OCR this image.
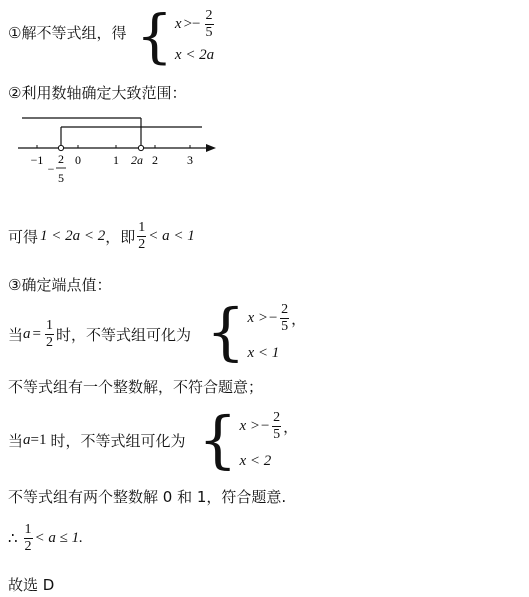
①解不等式组，得 { $x >- \frac{2}{5}$
x < 2a
②利用数轴确定大致范围：
−1	0	1	2 3
2a
−
2
5
可得 1 < 2a < 2 ，即 $\frac{1}{2} < a < 1$
③确定端点值：
当 $a = \frac{1}{2}$ 时，不等式组可化为 { $x >- \frac{2}{5}$ ，
x < 1
不等式组有一个整数解，不符合题意；
当 a =1 时，不等式组可化为 { $x >- \frac{2}{5}$ ，
x < 2
不等式组有两个整数解 0 和 1，符合题意.
∴ $\frac{1}{2} < a \le 1$.
故选 D
